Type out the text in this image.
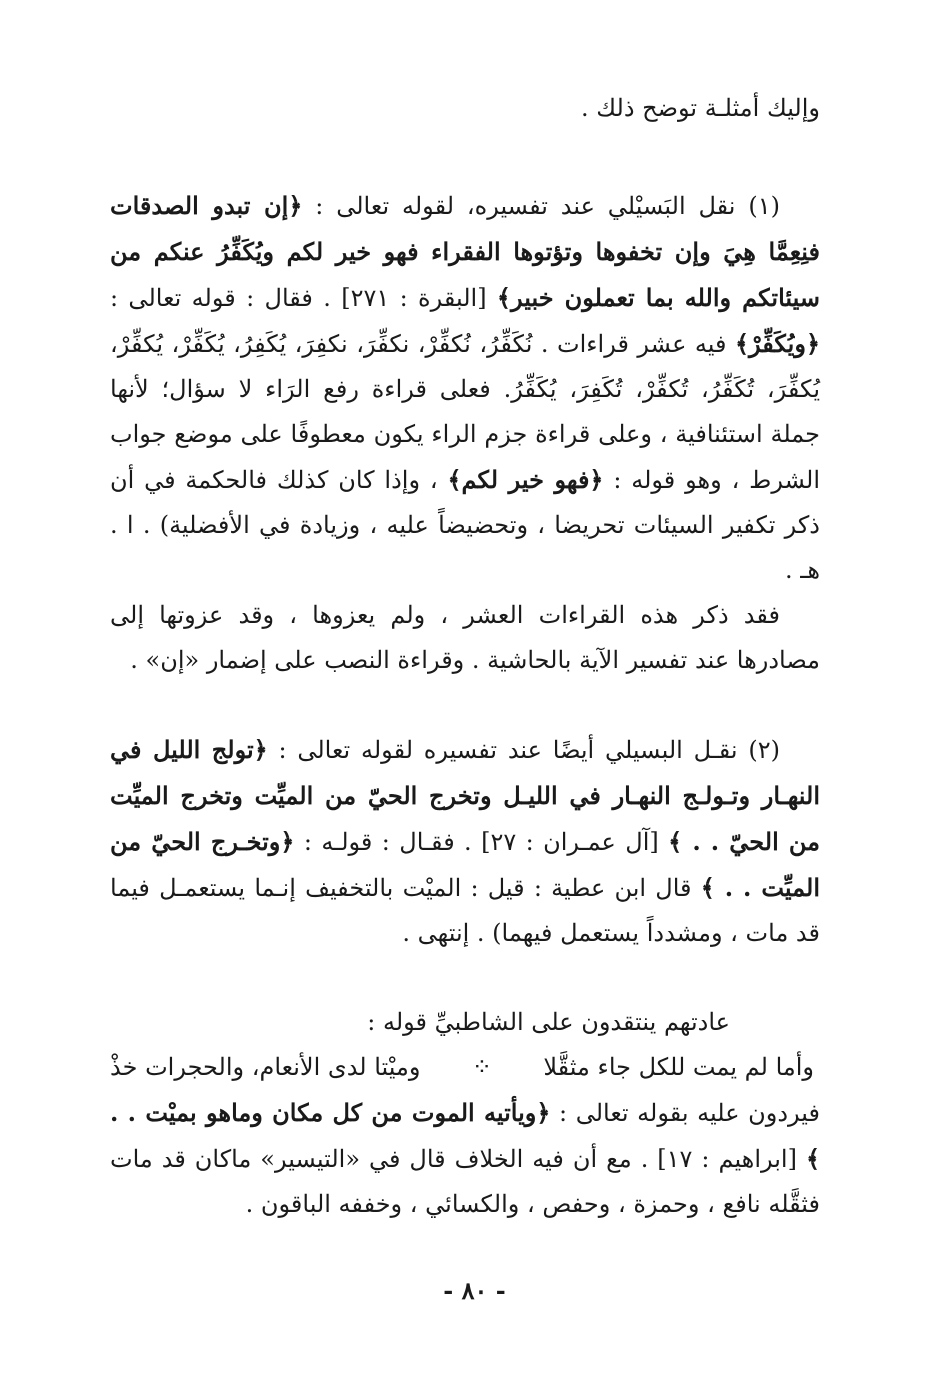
وإليك أمثلـة توضح ذلك .

(١) نقل البَسيْلي عند تفسيره، لقوله تعالى : ﴿إن تبدو الصدقات فنِعِمَّا هِيَ وإن تخفوها وتؤتوها الفقراء فهو خير لكم ويُكَفِّرُ عنكم من سيئاتكم والله بما تعملون خبير﴾ [البقرة : ٢٧١] . فقال : قوله تعالى : ﴿ويُكَفِّرْ﴾ فيه عشر قراءات . نُكَفِّرُ، نُكفِّرْ، نكفِّرَ، نكفِرَ، يُكَفِرُ، يُكَفِّرْ، يُكفِّرْ، يُكفِّرَ، تُكَفِّرُ، تُكفِّرْ، تُكَفِرَ، يُكَفِّرُ. فعلى قراءة رفع الرَاء لا سؤال؛ لأنها جملة استئنافية ، وعلى قراءة جزم الراء يكون معطوفًا على موضع جواب الشرط ، وهو قوله : ﴿فهو خير لكم﴾ ، وإذا كان كذلك فالحكمة في أن ذكر تكفير السيئات تحريضا ، وتحضيضاً عليه ، وزيادة في الأفضلية) . ا . هـ .

فقد ذكر هذه القراءات العشر ، ولم يعزوها ، وقد عزوتها إلى مصادرها عند تفسير الآية بالحاشية . وقراءة النصب على إضمار «إن» .

(٢) نقـل البسيلي أيضًا عند تفسيره لقوله تعالى : ﴿تولج الليل في النهـار وتـولـج النهـار في الليـل وتخرج الحيّ من الميِّت وتخرج الميِّت من الحيّ . . ﴾ [آل عمـران : ٢٧] . فقـال : قولـه : ﴿وتخـرج الحيّ من الميِّت . . ﴾ قال ابن عطية : قيل : الميْت بالتخفيف إنـما يستعمـل فيما قد مات ، ومشدداً يستعمل فيهما) . إنتهى .

عادتهم ينتقدون على الشاطبيِّ قوله :

وأما لم يمت للكل جاء مثقَّلا
⁘
وميْتا لدى الأنعام، والحجرات خذْ

فيردون عليه بقوله تعالى : ﴿ويأتيه الموت من كل مكان وماهو بميْت . . ﴾ [ابراهيم : ١٧] . مع أن فيه الخلاف قال في «التيسير» ماكان قد مات فثقَّله نافع ، وحمزة ، وحفص ، والكسائي ، وخففه الباقون .

- ٨٠ -
